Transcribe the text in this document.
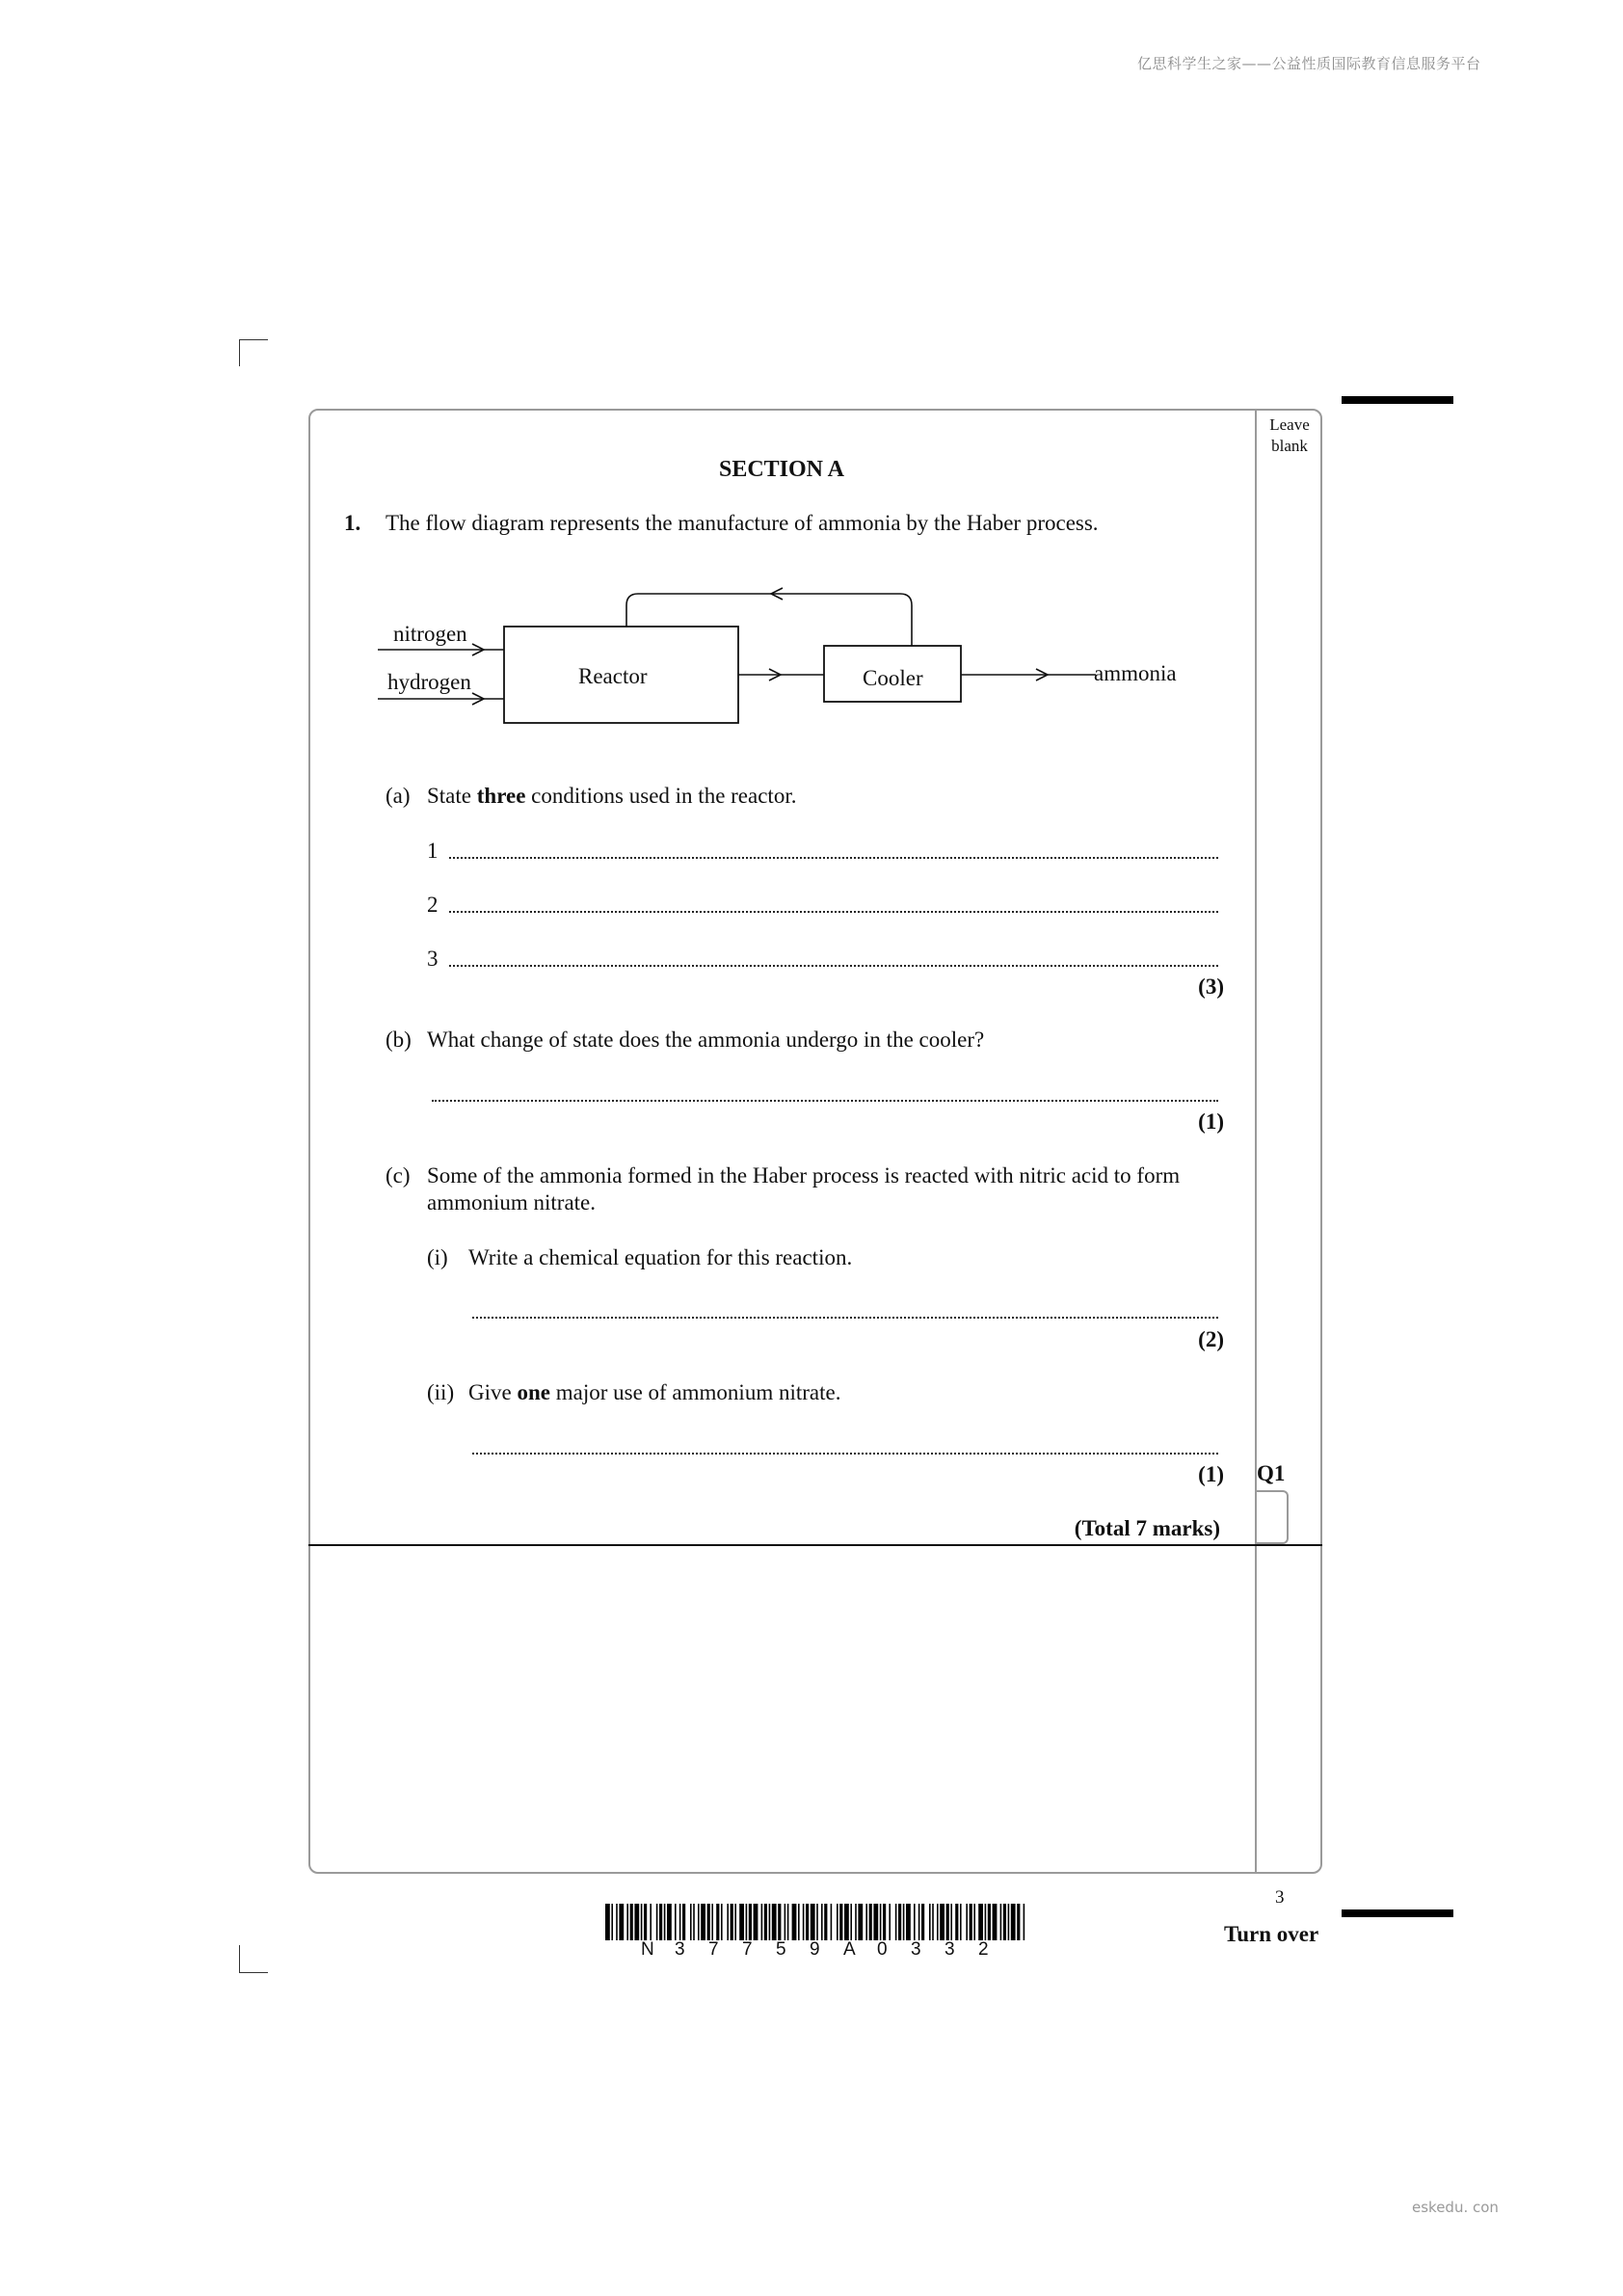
亿思科学生之家——公益性质国际教育信息服务平台
Leave
blank
SECTION A
1. The flow diagram represents the manufacture of ammonia by the Haber process.
nitrogen
hydrogen	Reactor	Cooler	ammonia
(a) State three conditions used in the reactor.
1
2
3
(3)
(b) What change of state does the ammonia undergo in the cooler?
(1)
(c) Some of the ammonia formed in the Haber process is reacted with nitric acid to form
ammonium nitrate.
(i) Write a chemical equation for this reaction.
(2)
(ii) Give one major use of ammonium nitrate.
(1) Q1
(Total 7 marks)
3
Turn over
N 3 7 7 5 9 A 0 3 3 2
eskedu. con
